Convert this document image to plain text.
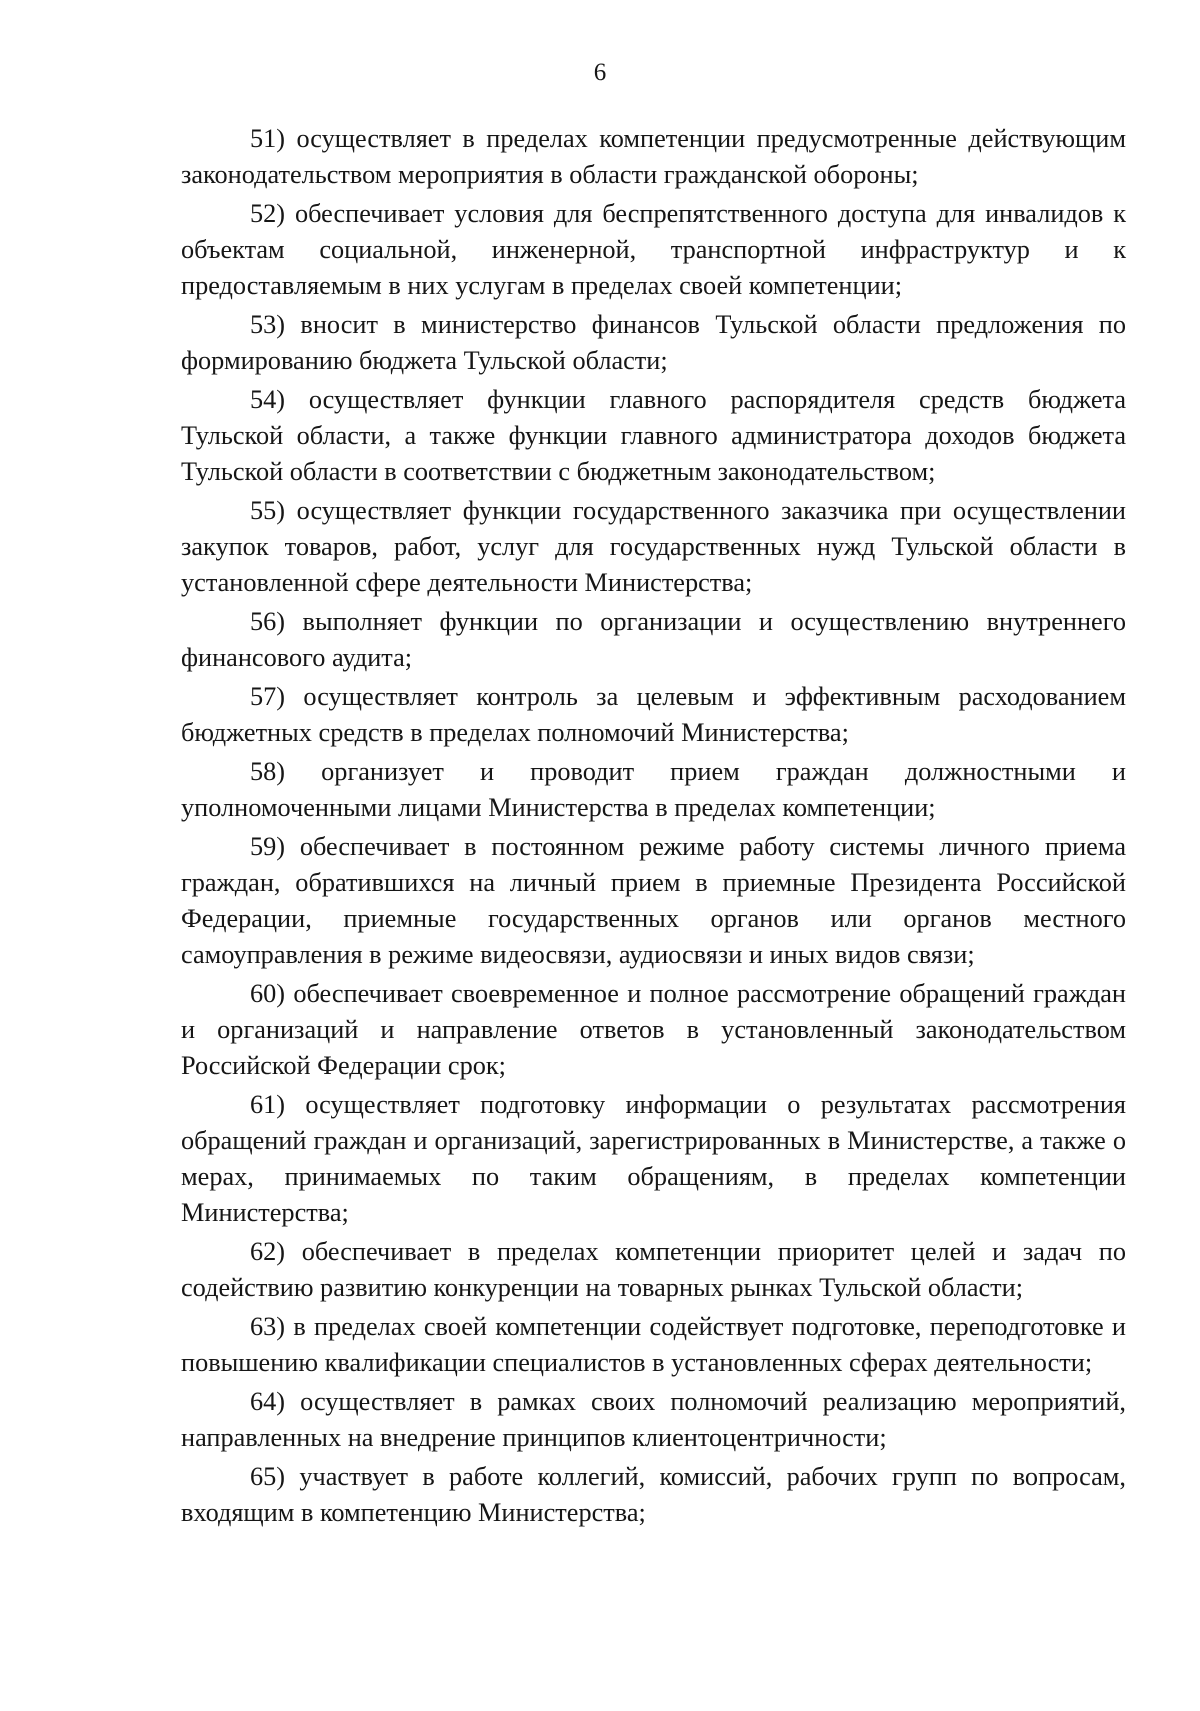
6

51) осуществляет в пределах компетенции предусмотренные действующим законодательством мероприятия в области гражданской обороны;

52) обеспечивает условия для беспрепятственного доступа для инвалидов к объектам социальной, инженерной, транспортной инфраструктур и к предоставляемым в них услугам в пределах своей компетенции;

53) вносит в министерство финансов Тульской области предложения по формированию бюджета Тульской области;

54) осуществляет функции главного распорядителя средств бюджета Тульской области, а также функции главного администратора доходов бюджета Тульской области в соответствии с бюджетным законодательством;

55) осуществляет функции государственного заказчика при осуществлении закупок товаров, работ, услуг для государственных нужд Тульской области в установленной сфере деятельности Министерства;

56) выполняет функции по организации и осуществлению внутреннего финансового аудита;

57) осуществляет контроль за целевым и эффективным расходованием бюджетных средств в пределах полномочий Министерства;

58) организует и проводит прием граждан должностными и уполномоченными лицами Министерства в пределах компетенции;

59) обеспечивает в постоянном режиме работу системы личного приема граждан, обратившихся на личный прием в приемные Президента Российской Федерации, приемные государственных органов или органов местного самоуправления в режиме видеосвязи, аудиосвязи и иных видов связи;

60) обеспечивает своевременное и полное рассмотрение обращений граждан и организаций и направление ответов в установленный законодательством Российской Федерации срок;

61) осуществляет подготовку информации о результатах рассмотрения обращений граждан и организаций, зарегистрированных в Министерстве, а также о мерах, принимаемых по таким обращениям, в пределах компетенции Министерства;

62) обеспечивает в пределах компетенции приоритет целей и задач по содействию развитию конкуренции на товарных рынках Тульской области;

63) в пределах своей компетенции содействует подготовке, переподготовке и повышению квалификации специалистов в установленных сферах деятельности;

64) осуществляет в рамках своих полномочий реализацию мероприятий, направленных на внедрение принципов клиентоцентричности;

65) участвует в работе коллегий, комиссий, рабочих групп по вопросам, входящим в компетенцию Министерства;
